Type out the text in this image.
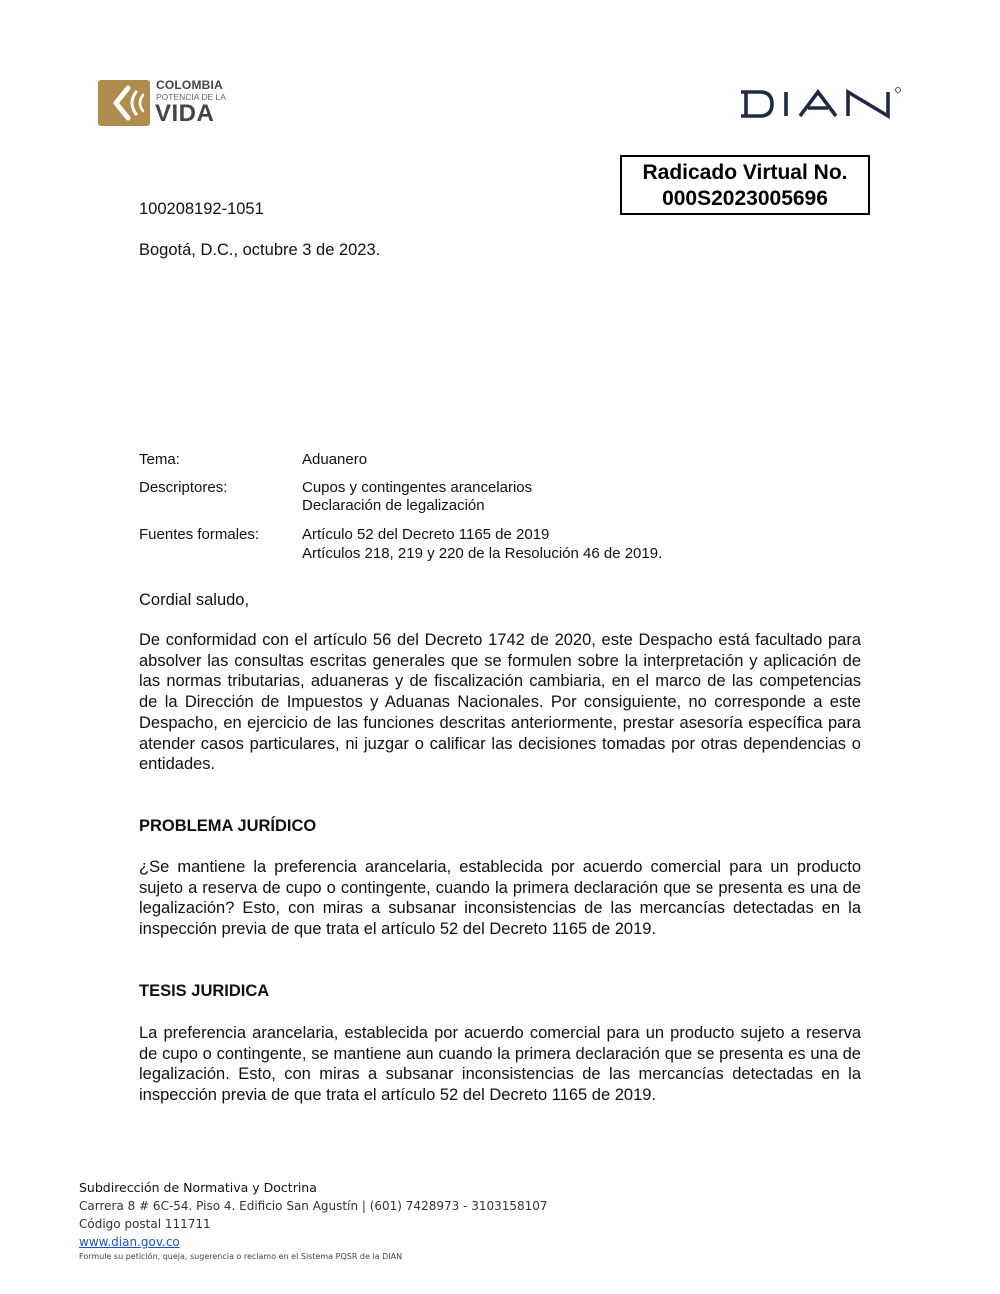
COLOMBIA
POTENCIA DE LA
VIDA
Radicado Virtual No.
000S2023005696
100208192-1051
Bogotá, D.C., octubre 3 de 2023.
Tema:	Aduanero
Descriptores:	Cupos y contingentes arancelarios
Declaración de legalización
Fuentes formales:	Artículo 52 del Decreto 1165 de 2019
Artículos 218, 219 y 220 de la Resolución 46 de 2019.
Cordial saludo,
De conformidad con el artículo 56 del Decreto 1742 de 2020, este Despacho está facultado para absolver las consultas escritas generales que se formulen sobre la interpretación y aplicación de las normas tributarias, aduaneras y de fiscalización cambiaria, en el marco de las competencias de la Dirección de Impuestos y Aduanas Nacionales. Por consiguiente, no corresponde a este Despacho, en ejercicio de las funciones descritas anteriormente, prestar asesoría específica para atender casos particulares, ni juzgar o calificar las decisiones tomadas por otras dependencias o entidades.
PROBLEMA JURÍDICO
¿Se mantiene la preferencia arancelaria, establecida por acuerdo comercial para un producto sujeto a reserva de cupo o contingente, cuando la primera declaración que se presenta es una de legalización? Esto, con miras a subsanar inconsistencias de las mercancías detectadas en la inspección previa de que trata el artículo 52 del Decreto 1165 de 2019.
TESIS JURIDICA
La preferencia arancelaria, establecida por acuerdo comercial para un producto sujeto a reserva de cupo o contingente, se mantiene aun cuando la primera declaración que se presenta es una de legalización. Esto, con miras a subsanar inconsistencias de las mercancías detectadas en la inspección previa de que trata el artículo 52 del Decreto 1165 de 2019.
Subdirección de Normativa y Doctrina
Carrera 8 # 6C-54. Piso 4. Edificio San Agustín | (601) 7428973 - 3103158107
Código postal 111711
www.dian.gov.co
Formule su petición, queja, sugerencia o reclamo en el Sistema PQSR de la DIAN
